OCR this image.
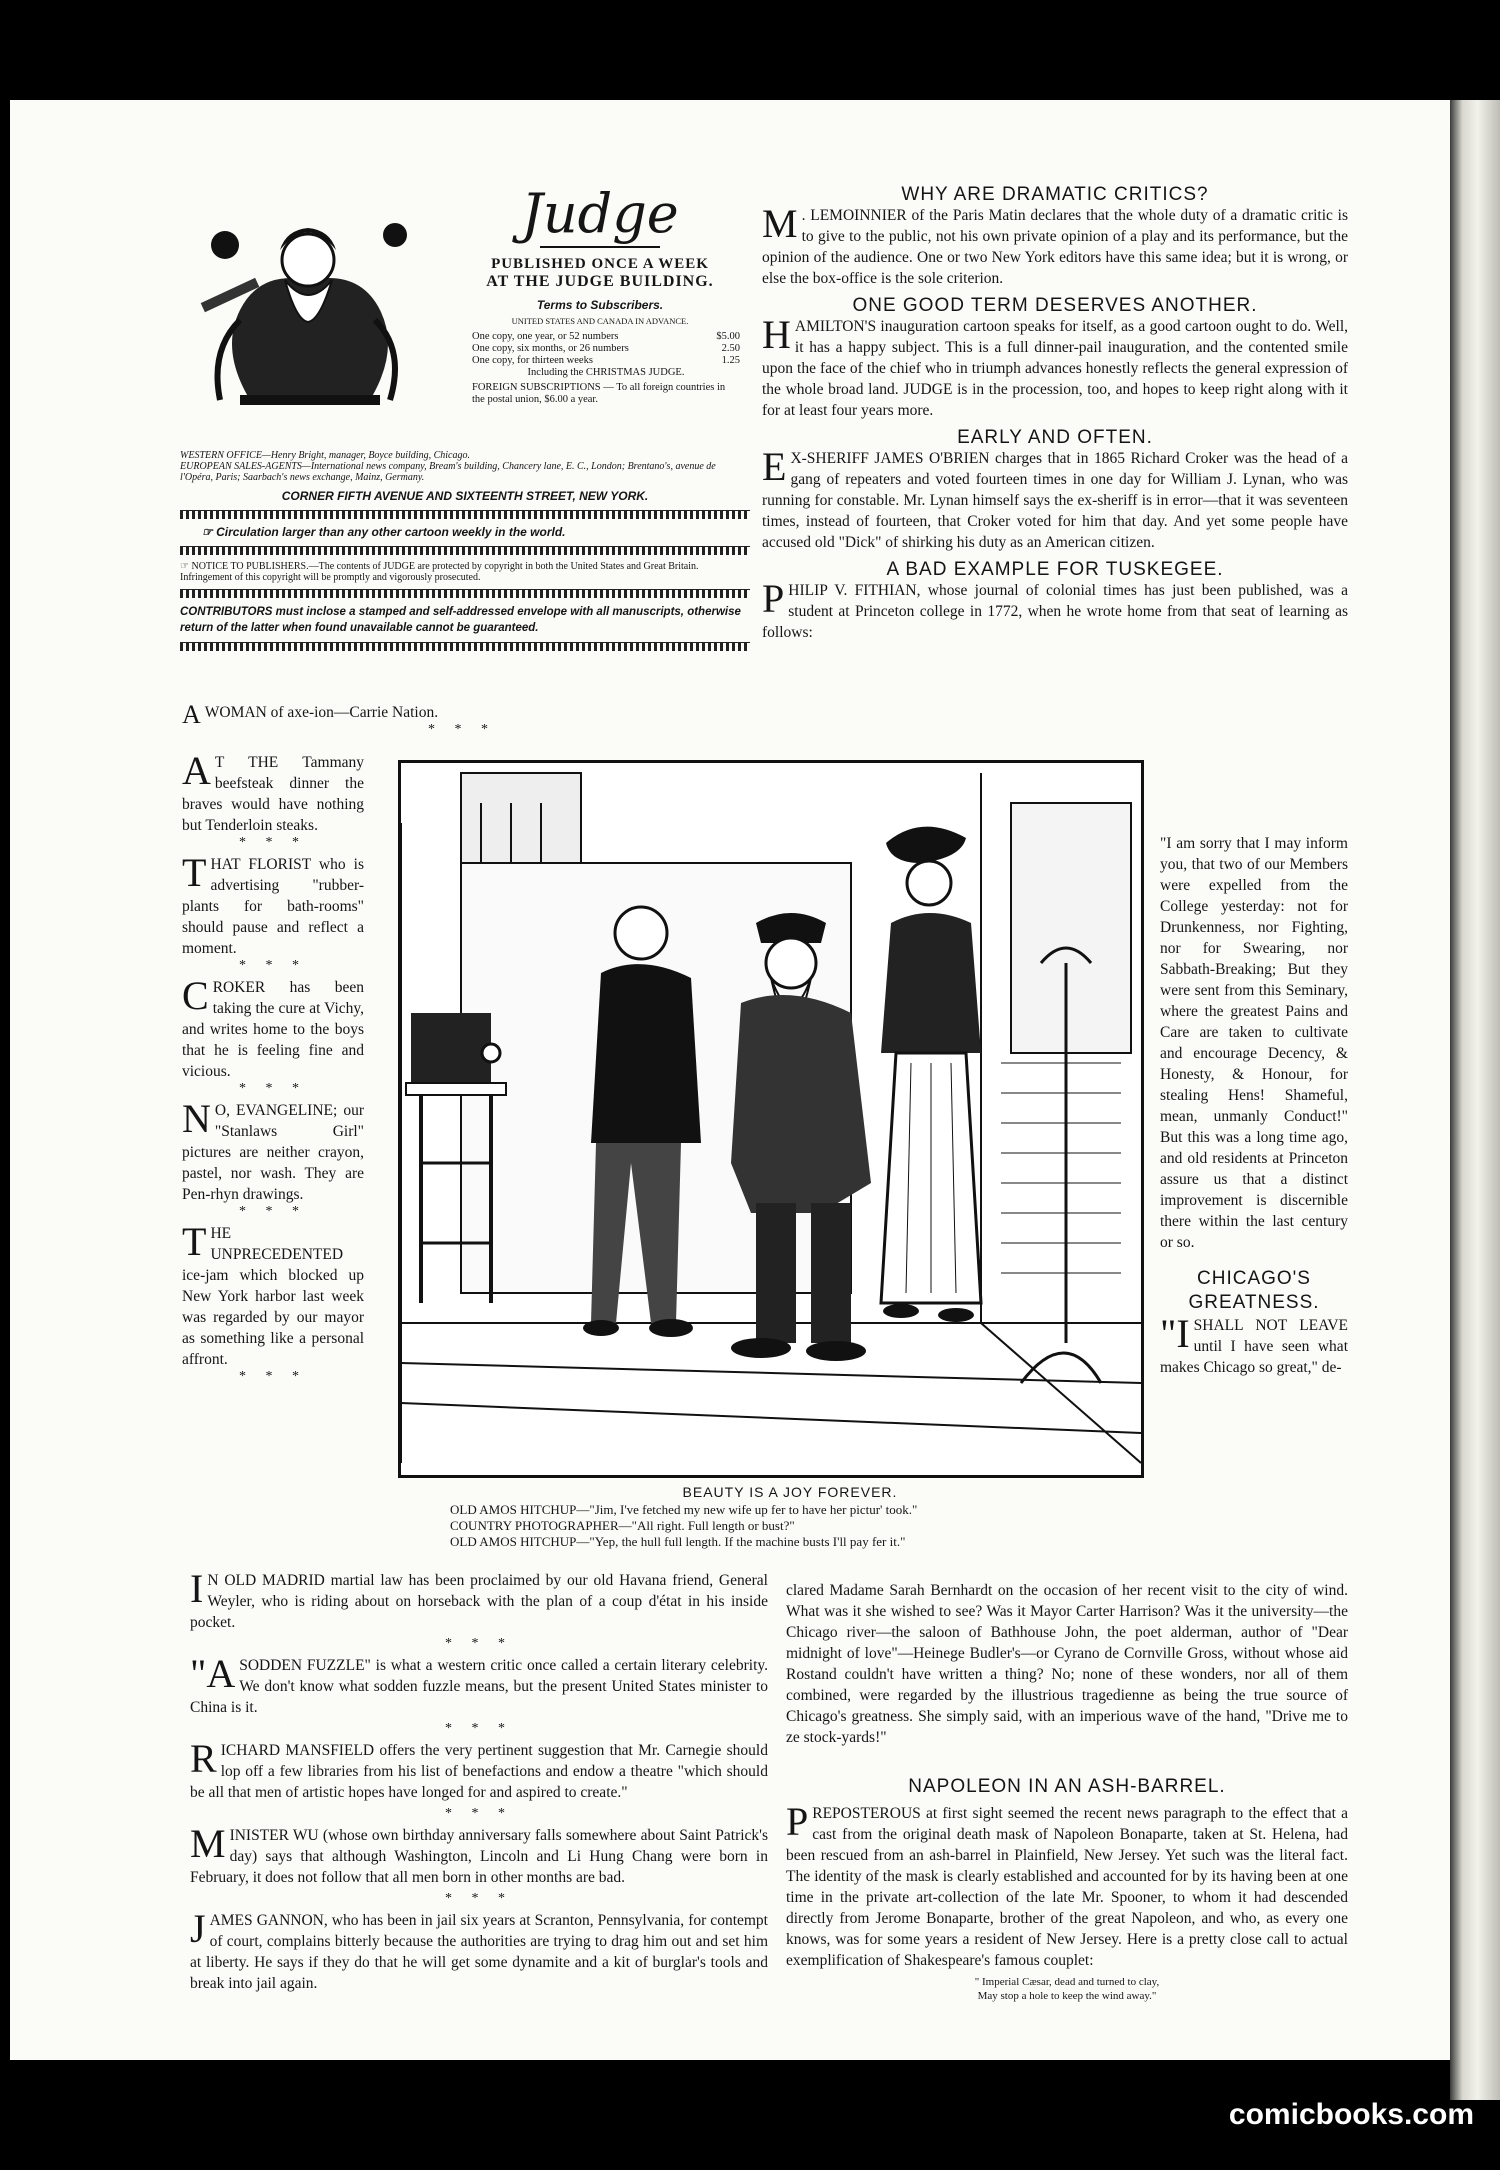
Judge
PUBLISHED ONCE A WEEK
AT THE JUDGE BUILDING.
Terms to Subscribers.
UNITED STATES AND CANADA IN ADVANCE.
One copy, one year, or 52 numbers	$5.00
One copy, six months, or 26 numbers	2.50
One copy, for thirteen weeks	1.25
Including the CHRISTMAS JUDGE.
FOREIGN SUBSCRIPTIONS — To all foreign countries in the postal union, $6.00 a year.
WESTERN OFFICE—Henry Bright, manager, Boyce building, Chicago.
EUROPEAN SALES-AGENTS—International news company, Bream's building, Chancery lane, E. C., London; Brentano's, avenue de l'Opéra, Paris; Saarbach's news exchange, Mainz, Germany.
CORNER FIFTH AVENUE AND SIXTEENTH STREET, NEW YORK.
☞ Circulation larger than any other cartoon weekly in the world.
☞ NOTICE TO PUBLISHERS.—The contents of JUDGE are protected by copyright in both the United States and Great Britain. Infringement of this copyright will be promptly and vigorously prosecuted.
CONTRIBUTORS must inclose a stamped and self-addressed envelope with all manuscripts, otherwise return of the latter when found unavailable cannot be guaranteed.

A WOMAN of axe-ion—Carrie Nation.

* * *

A T THE Tammany beefsteak dinner the braves would have nothing but Tenderloin steaks.

* * *

THAT FLORIST who is advertising "rubber-plants for bath-rooms" should pause and reflect a moment.

* * *

CROKER has been taking the cure at Vichy, and writes home to the boys that he is feeling fine and vicious.

* * *

N O, EVANGELINE; our "Stanlaws Girl" pictures are neither crayon, pastel, nor wash. They are Pen-rhyn drawings.

* * *

THE UNPRECEDENTED ice-jam which blocked up New York harbor last week was regarded by our mayor as something like a personal affront.

* * *
BEAUTY IS A JOY FOREVER.
OLD AMOS HITCHUP—"Jim, I've fetched my new wife up fer to have her pictur' took."
COUNTRY PHOTOGRAPHER—"All right. Full length or bust?"
OLD AMOS HITCHUP—"Yep, the hull full length. If the machine busts I'll pay fer it."
WHY ARE DRAMATIC CRITICS?

M . LEMOINNIER of the Paris Matin declares that the whole duty of a dramatic critic is to give to the public, not his own private opinion of a play and its performance, but the opinion of the audience. One or two New York editors have this same idea; but it is wrong, or else the box-office is the sole criterion.

ONE GOOD TERM DESERVES ANOTHER.

HAMILTON'S inauguration cartoon speaks for itself, as a good cartoon ought to do. Well, it has a happy subject. This is a full dinner-pail inauguration, and the contented smile upon the face of the chief who in triumph advances honestly reflects the general expression of the whole broad land. JUDGE is in the procession, too, and hopes to keep right along with it for at least four years more.

EARLY AND OFTEN.

E X-SHERIFF JAMES O'BRIEN charges that in 1865 Richard Croker was the head of a gang of repeaters and voted fourteen times in one day for William J. Lynan, who was running for constable. Mr. Lynan himself says the ex-sheriff is in error—that it was seventeen times, instead of fourteen, that Croker voted for him that day. And yet some people have accused old "Dick" of shirking his duty as an American citizen.

A BAD EXAMPLE FOR TUSKEGEE.

PHILIP V. FITHIAN, whose journal of colonial times has just been published, was a student at Princeton college in 1772, when he wrote home from that seat of learning as follows:

"I am sorry that I may inform you, that two of our Members were expelled from the College yesterday: not for Drunkenness, nor Fighting, nor for Swearing, nor Sabbath-Breaking; But they were sent from this Seminary, where the greatest Pains and Care are taken to cultivate and encourage Decency, & Honesty, & Honour, for stealing Hens! Shameful, mean, unmanly Conduct!" But this was a long time ago, and old residents at Princeton assure us that a distinct improvement is discernible there within the last century or so.

CHICAGO'S GREATNESS.

"I SHALL NOT LEAVE until I have seen what makes Chicago so great," de-

clared Madame Sarah Bernhardt on the occasion of her recent visit to the city of wind. What was it she wished to see? Was it Mayor Carter Harrison? Was it the university—the Chicago river—the saloon of Bathhouse John, the poet alderman, author of "Dear midnight of love"—Heinege Budler's—or Cyrano de Cornville Gross, without whose aid Rostand couldn't have written a thing? No; none of these wonders, nor all of them combined, were regarded by the illustrious tragedienne as being the true source of Chicago's greatness. She simply said, with an imperious wave of the hand, "Drive me to ze stock-yards!"

NAPOLEON IN AN ASH-BARREL.

PREPOSTEROUS at first sight seemed the recent news paragraph to the effect that a cast from the original death mask of Napoleon Bonaparte, taken at St. Helena, had been rescued from an ash-barrel in Plainfield, New Jersey. Yet such was the literal fact. The identity of the mask is clearly established and accounted for by its having been at one time in the private art-collection of the late Mr. Spooner, to whom it had descended directly from Jerome Bonaparte, brother of the great Napoleon, and who, as every one knows, was for some years a resident of New Jersey. Here is a pretty close call to actual exemplification of Shakespeare's famous couplet:

" Imperial Cæsar, dead and turned to clay,
May stop a hole to keep the wind away."

I N OLD MADRID martial law has been proclaimed by our old Havana friend, General Weyler, who is riding about on horseback with the plan of a coup d'état in his inside pocket.

* * *

"A SODDEN FUZZLE" is what a western critic once called a certain literary celebrity. We don't know what sodden fuzzle means, but the present United States minister to China is it.

* * *

RICHARD MANSFIELD offers the very pertinent suggestion that Mr. Carnegie should lop off a few libraries from his list of benefactions and endow a theatre "which should be all that men of artistic hopes have longed for and aspired to create."

* * *

MINISTER WU (whose own birthday anniversary falls somewhere about Saint Patrick's day) says that although Washington, Lincoln and Li Hung Chang were born in February, it does not follow that all men born in other months are bad.

* * *

JAMES GANNON, who has been in jail six years at Scranton, Pennsylvania, for contempt of court, complains bitterly because the authorities are trying to drag him out and set him at liberty. He says if they do that he will get some dynamite and a kit of burglar's tools and break into jail again.

comicbooks.com
